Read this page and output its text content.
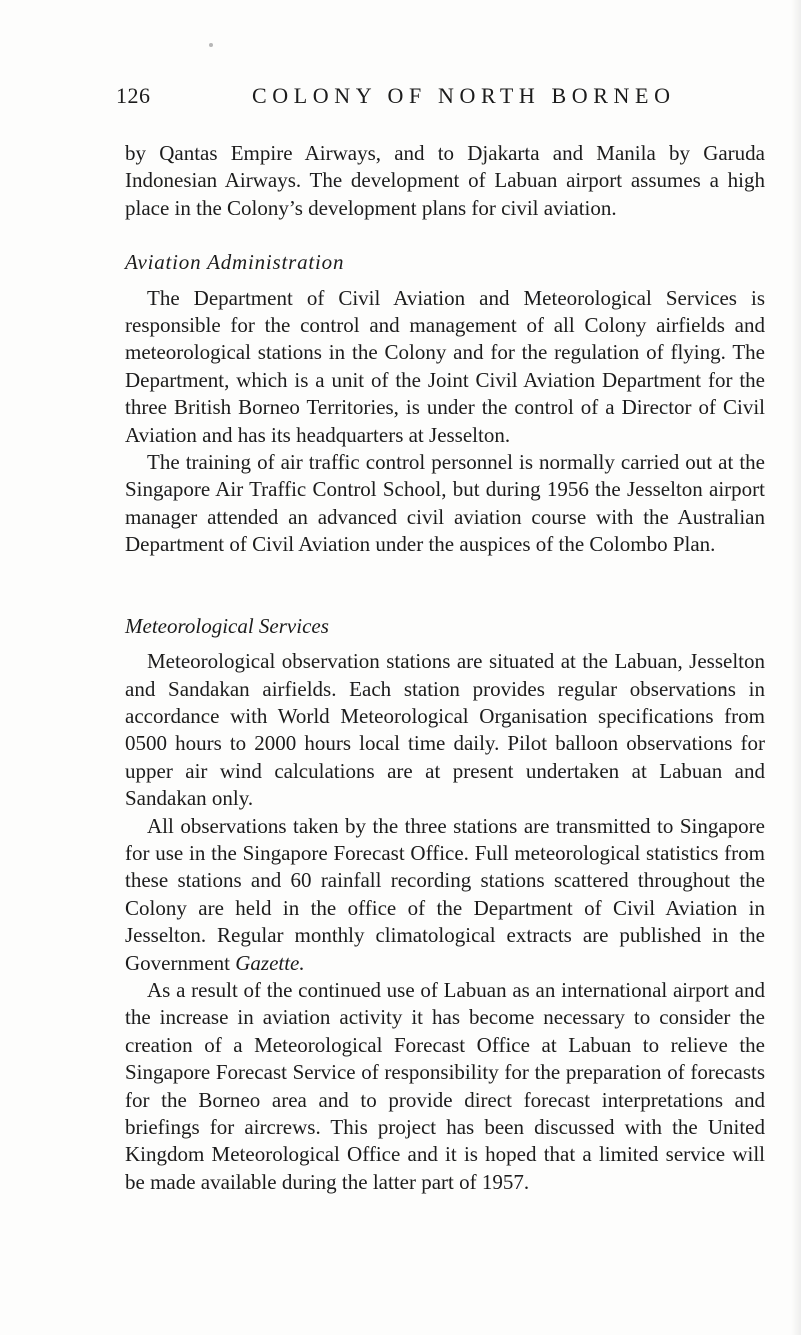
126	COLONY OF NORTH BORNEO

by Qantas Empire Airways, and to Djakarta and Manila by Garuda Indonesian Airways. The development of Labuan airport assumes a high place in the Colony’s development plans for civil aviation.

Aviation Administration

The Department of Civil Aviation and Meteorological Services is responsible for the control and management of all Colony airfields and meteorological stations in the Colony and for the regulation of flying. The Department, which is a unit of the Joint Civil Aviation Department for the three British Borneo Territories, is under the control of a Director of Civil Aviation and has its headquarters at Jesselton.

The training of air traffic control personnel is normally carried out at the Singapore Air Traffic Control School, but during 1956 the Jesselton airport manager attended an advanced civil aviation course with the Australian Department of Civil Aviation under the auspices of the Colombo Plan.

Meteorological Services

Meteorological observation stations are situated at the Labuan, Jesselton and Sandakan airfields. Each station provides regular observations in accordance with World Meteorological Organisation specifications from 0500 hours to 2000 hours local time daily. Pilot balloon observations for upper air wind calculations are at present undertaken at Labuan and Sandakan only.

All observations taken by the three stations are transmitted to Singapore for use in the Singapore Forecast Office. Full meteorological statistics from these stations and 60 rainfall recording stations scattered throughout the Colony are held in the office of the Department of Civil Aviation in Jesselton. Regular monthly climatological extracts are published in the Government Gazette.

As a result of the continued use of Labuan as an international airport and the increase in aviation activity it has become necessary to consider the creation of a Meteorological Forecast Office at Labuan to relieve the Singapore Forecast Service of responsibility for the preparation of forecasts for the Borneo area and to provide direct forecast interpretations and briefings for aircrews. This project has been discussed with the United Kingdom Meteorological Office and it is hoped that a limited service will be made available during the latter part of 1957.
